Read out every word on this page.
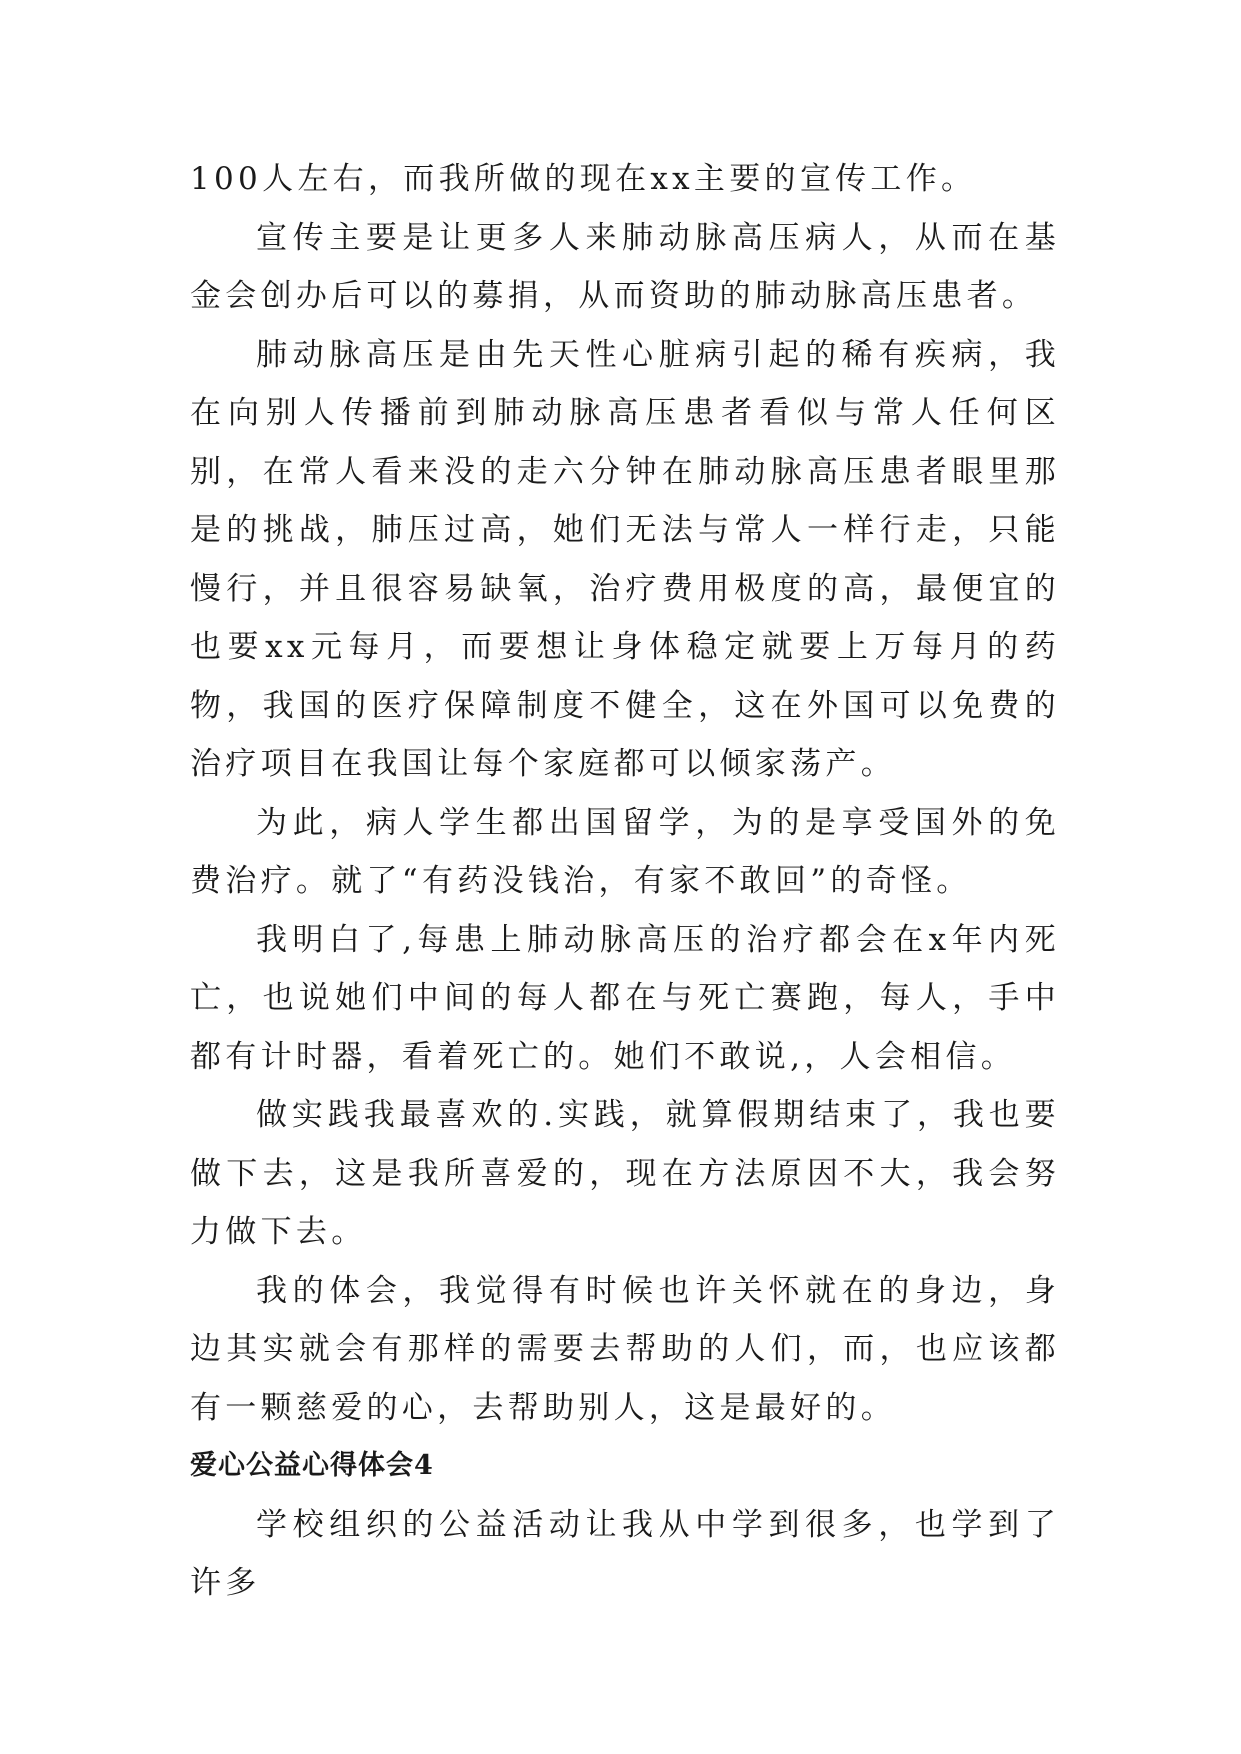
100人左右，而我所做的现在xx主要的宣传工作。

宣传主要是让更多人来肺动脉高压病人，从而在基金会创办后可以的募捐，从而资助的肺动脉高压患者。

肺动脉高压是由先天性心脏病引起的稀有疾病，我在向别人传播前到肺动脉高压患者看似与常人任何区别，在常人看来没的走六分钟在肺动脉高压患者眼里那是的挑战，肺压过高，她们无法与常人一样行走，只能慢行，并且很容易缺氧，治疗费用极度的高，最便宜的也要xx元每月，而要想让身体稳定就要上万每月的药物，我国的医疗保障制度不健全，这在外国可以免费的治疗项目在我国让每个家庭都可以倾家荡产。

为此，病人学生都出国留学，为的是享受国外的免费治疗。就了“有药没钱治，有家不敢回”的奇怪。

我明白了,每患上肺动脉高压的治疗都会在x年内死亡，也说她们中间的每人都在与死亡赛跑，每人，手中都有计时器，看着死亡的。她们不敢说,，人会相信。

做实践我最喜欢的.实践，就算假期结束了，我也要做下去，这是我所喜爱的，现在方法原因不大，我会努力做下去。

我的体会，我觉得有时候也许关怀就在的身边，身边其实就会有那样的需要去帮助的人们，而，也应该都有一颗慈爱的心，去帮助别人，这是最好的。

爱心公益心得体会4

学校组织的公益活动让我从中学到很多，也学到了许多
